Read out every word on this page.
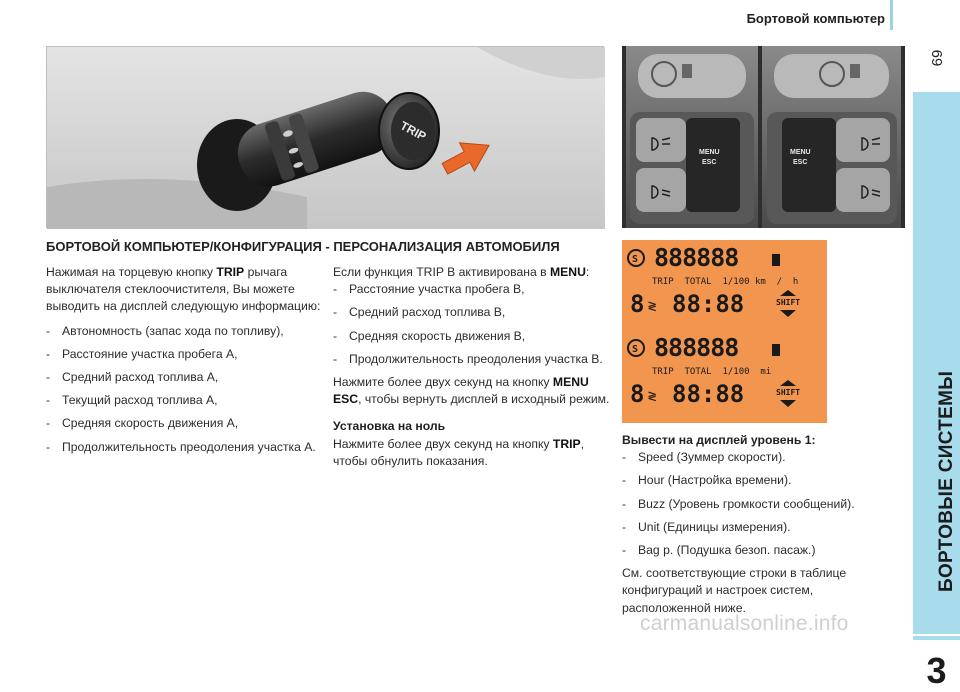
Бортовой компьютер
69
БОРТОВЫЕ СИСТЕМЫ
3
TRIP
MENU
ESC
MENU
ESC
S 888888
TRIP  TOTAL  1/100 km  /  h
8 ≷ 88:88	SHIFT
S 888888
TRIP  TOTAL  1/100  mi
8 ≷ 88:88	SHIFT
БОРТОВОЙ КОМПЬЮТЕР/КОНФИГУРАЦИЯ - ПЕРСОНАЛИЗАЦИЯ АВТОМОБИЛЯ

Нажимая на торцевую кнопку TRIP рычага выключателя стеклоочистителя, Вы можете выводить на дисплей следующую информацию:

- Автономность (запас хода по топливу),
- Расстояние участка пробега A,
- Средний расход топлива A,
- Текущий расход топлива A,
- Средняя скорость движения A,
- Продолжительность преодоления участка A.

Если функция TRIP B активирована в MENU:

- Расстояние участка пробега B,
- Средний расход топлива B,
- Средняя скорость движения B,
- Продолжительность преодоления участка B.

Нажмите более двух секунд на кнопку MENU ESC, чтобы вернуть дисплей в исходный режим.

Установка на ноль

Нажмите более двух секунд на кнопку TRIP, чтобы обнулить показания.

Вывести на дисплей уровень 1:
- Speed (Зуммер скорости).
- Hour (Настройка времени).
- Buzz (Уровень громкости сообщений).
- Unit (Единицы измерения).
- Bag p. (Подушка безоп. пасаж.)

См. соответствующие строки в таблице конфигураций и настроек систем, расположенной ниже.

carmanualsonline.info
